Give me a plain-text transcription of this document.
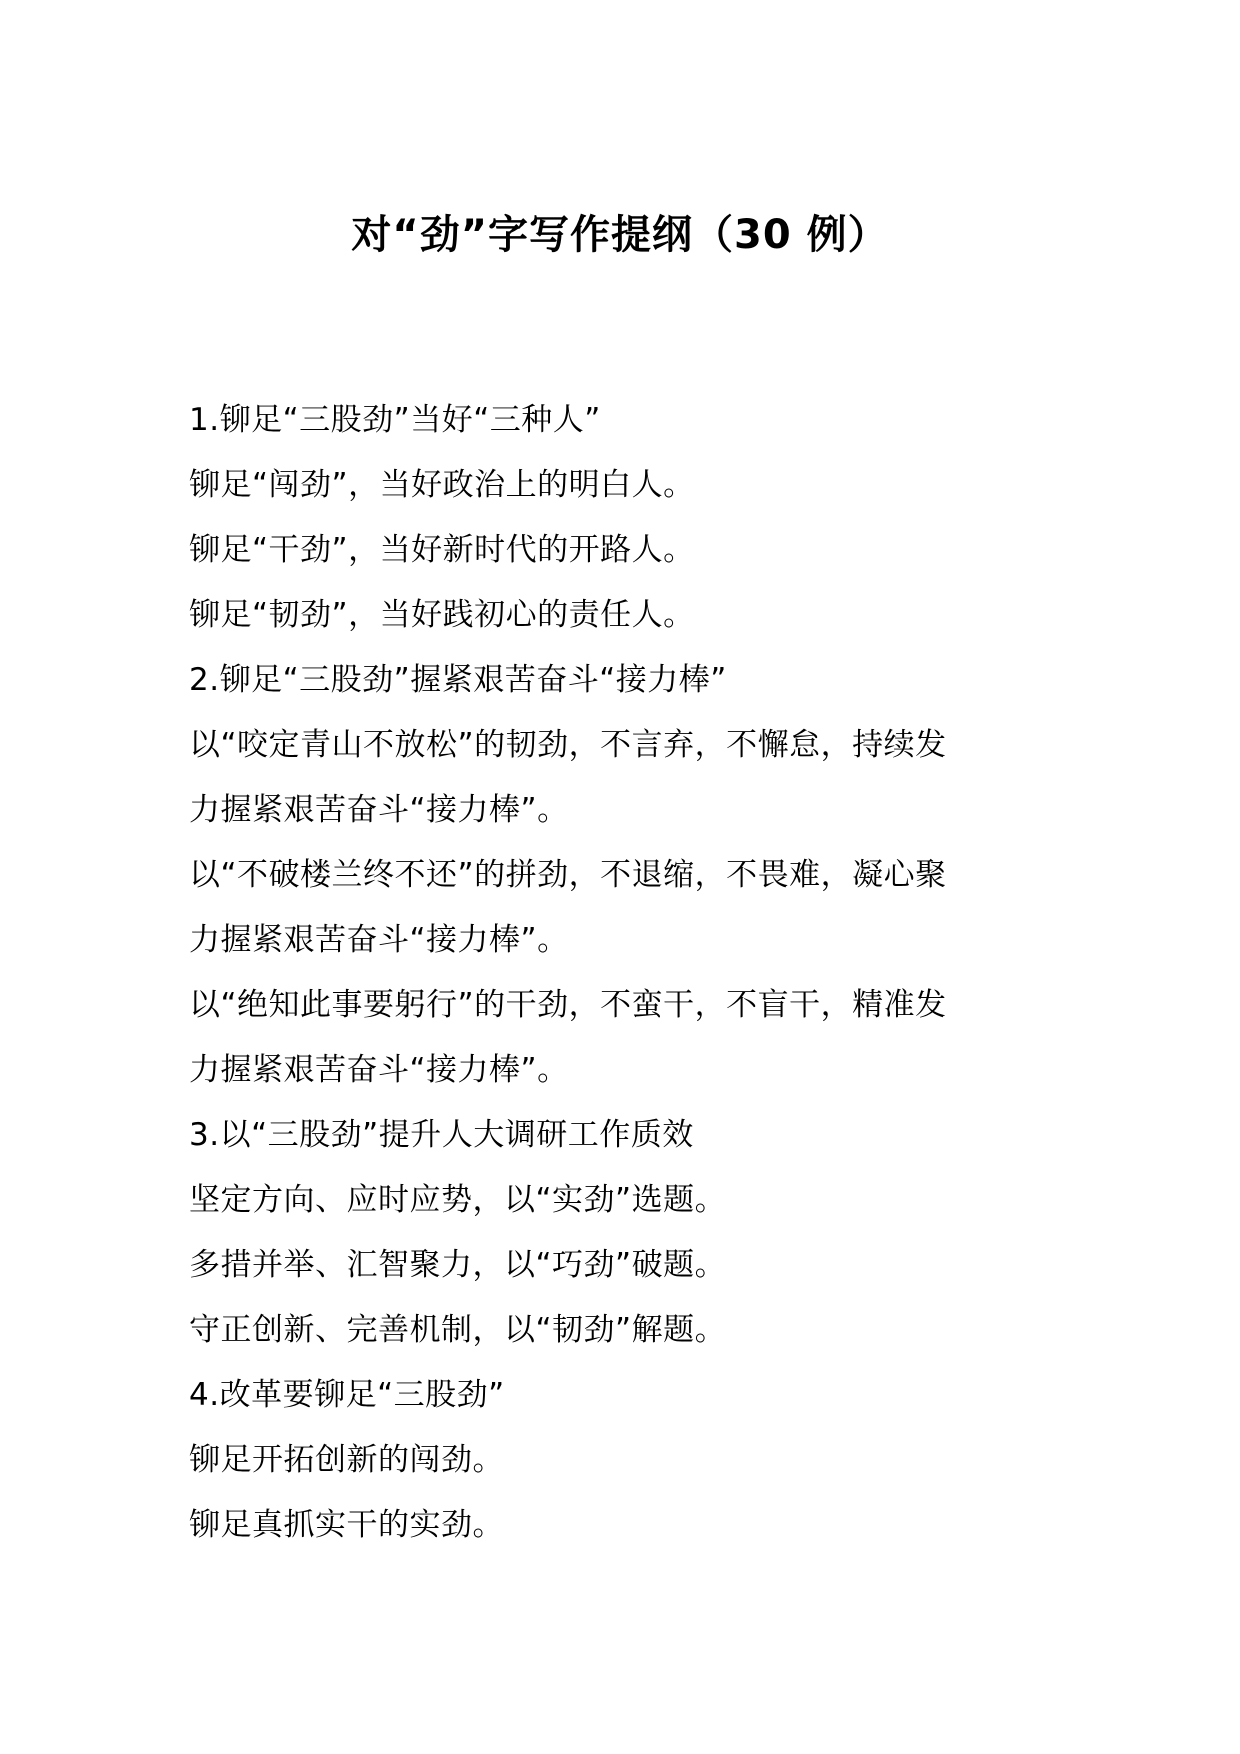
对“劲”字写作提纲（30 例）
1.铆足“三股劲”当好“三种人”
铆足“闯劲”，当好政治上的明白人。
铆足“干劲”，当好新时代的开路人。
铆足“韧劲”，当好践初心的责任人。
2.铆足“三股劲”握紧艰苦奋斗“接力棒”
以“咬定青山不放松”的韧劲，不言弃，不懈怠，持续发
力握紧艰苦奋斗“接力棒”。
以“不破楼兰终不还”的拼劲，不退缩，不畏难，凝心聚
力握紧艰苦奋斗“接力棒”。
以“绝知此事要躬行”的干劲，不蛮干，不盲干，精准发
力握紧艰苦奋斗“接力棒”。
3.以“三股劲”提升人大调研工作质效
坚定方向、应时应势，以“实劲”选题。
多措并举、汇智聚力，以“巧劲”破题。
守正创新、完善机制，以“韧劲”解题。
4.改革要铆足“三股劲”
铆足开拓创新的闯劲。
铆足真抓实干的实劲。
